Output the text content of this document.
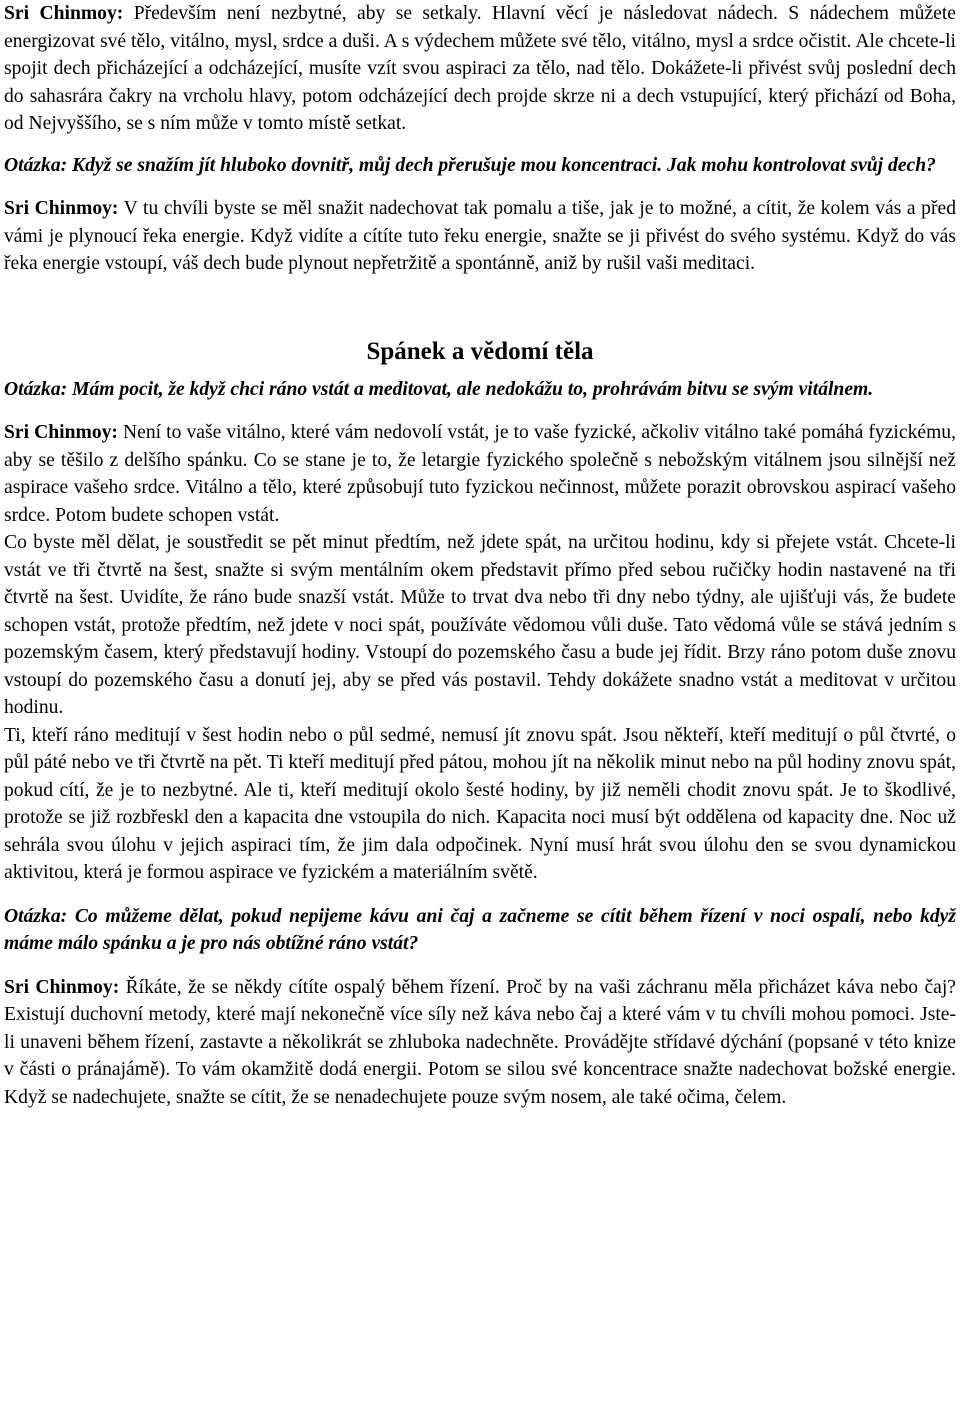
Sri Chinmoy: Především není nezbytné, aby se setkaly. Hlavní věcí je následovat nádech. S nádechem můžete energizovat své tělo, vitálno, mysl, srdce a duši. A s výdechem můžete své tělo, vitálno, mysl a srdce očistit. Ale chcete-li spojit dech přicházející a odcházející, musíte vzít svou aspiraci za tělo, nad tělo. Dokážete-li přivést svůj poslední dech do sahasrára čakry na vrcholu hlavy, potom odcházející dech projde skrze ni a dech vstupující, který přichází od Boha, od Nejvyššího, se s ním může v tomto místě setkat.

Otázka: Když se snažím jít hluboko dovnitř, můj dech přerušuje mou koncentraci. Jak mohu kontrolovat svůj dech?

Sri Chinmoy: V tu chvíli byste se měl snažit nadechovat tak pomalu a tiše, jak je to možné, a cítit, že kolem vás a před vámi je plynoucí řeka energie. Když vidíte a cítíte tuto řeku energie, snažte se ji přivést do svého systému. Když do vás řeka energie vstoupí, váš dech bude plynout nepřetržitě a spontánně, aniž by rušil vaši meditaci.

Spánek a vědomí těla

Otázka: Mám pocit, že když chci ráno vstát a meditovat, ale nedokážu to, prohrávám bitvu se svým vitálnem.

Sri Chinmoy: Není to vaše vitálno, které vám nedovolí vstát, je to vaše fyzické, ačkoliv vitálno také pomáhá fyzickému, aby se těšilo z delšího spánku. Co se stane je to, že letargie fyzického společně s nebožským vitálnem jsou silnější než aspirace vašeho srdce. Vitálno a tělo, které způsobují tuto fyzickou nečinnost, můžete porazit obrovskou aspirací vašeho srdce. Potom budete schopen vstát.

Co byste měl dělat, je soustředit se pět minut předtím, než jdete spát, na určitou hodinu, kdy si přejete vstát. Chcete-li vstát ve tři čtvrtě na šest, snažte si svým mentálním okem představit přímo před sebou ručičky hodin nastavené na tři čtvrtě na šest. Uvidíte, že ráno bude snazší vstát. Může to trvat dva nebo tři dny nebo týdny, ale ujišťuji vás, že budete schopen vstát, protože předtím, než jdete v noci spát, používáte vědomou vůli duše. Tato vědomá vůle se stává jedním s pozemským časem, který představují hodiny. Vstoupí do pozemského času a bude jej řídit. Brzy ráno potom duše znovu vstoupí do pozemského času a donutí jej, aby se před vás postavil. Tehdy dokážete snadno vstát a meditovat v určitou hodinu.

Ti, kteří ráno meditují v šest hodin nebo o půl sedmé, nemusí jít znovu spát. Jsou někteří, kteří meditují o půl čtvrté, o půl páté nebo ve tři čtvrtě na pět. Ti kteří meditují před pátou, mohou jít na několik minut nebo na půl hodiny znovu spát, pokud cítí, že je to nezbytné. Ale ti, kteří meditují okolo šesté hodiny, by již neměli chodit znovu spát. Je to škodlivé, protože se již rozbřeskl den a kapacita dne vstoupila do nich. Kapacita noci musí být oddělena od kapacity dne. Noc už sehrála svou úlohu v jejich aspiraci tím, že jim dala odpočinek. Nyní musí hrát svou úlohu den se svou dynamickou aktivitou, která je formou aspirace ve fyzickém a materiálním světě.

Otázka: Co můžeme dělat, pokud nepijeme kávu ani čaj a začneme se cítit během řízení v noci ospalí, nebo když máme málo spánku a je pro nás obtížné ráno vstát?

Sri Chinmoy: Říkáte, že se někdy cítíte ospalý během řízení. Proč by na vaši záchranu měla přicházet káva nebo čaj? Existují duchovní metody, které mají nekonečně více síly než káva nebo čaj a které vám v tu chvíli mohou pomoci. Jste-li unaveni během řízení, zastavte a několikrát se zhluboka nadechněte. Provádějte střídavé dýchání (popsané v této knize v části o pránajámě). To vám okamžitě dodá energii. Potom se silou své koncentrace snažte nadechovat božské energie. Když se nadechujete, snažte se cítit, že se nenadechujete pouze svým nosem, ale také očima, čelem.
